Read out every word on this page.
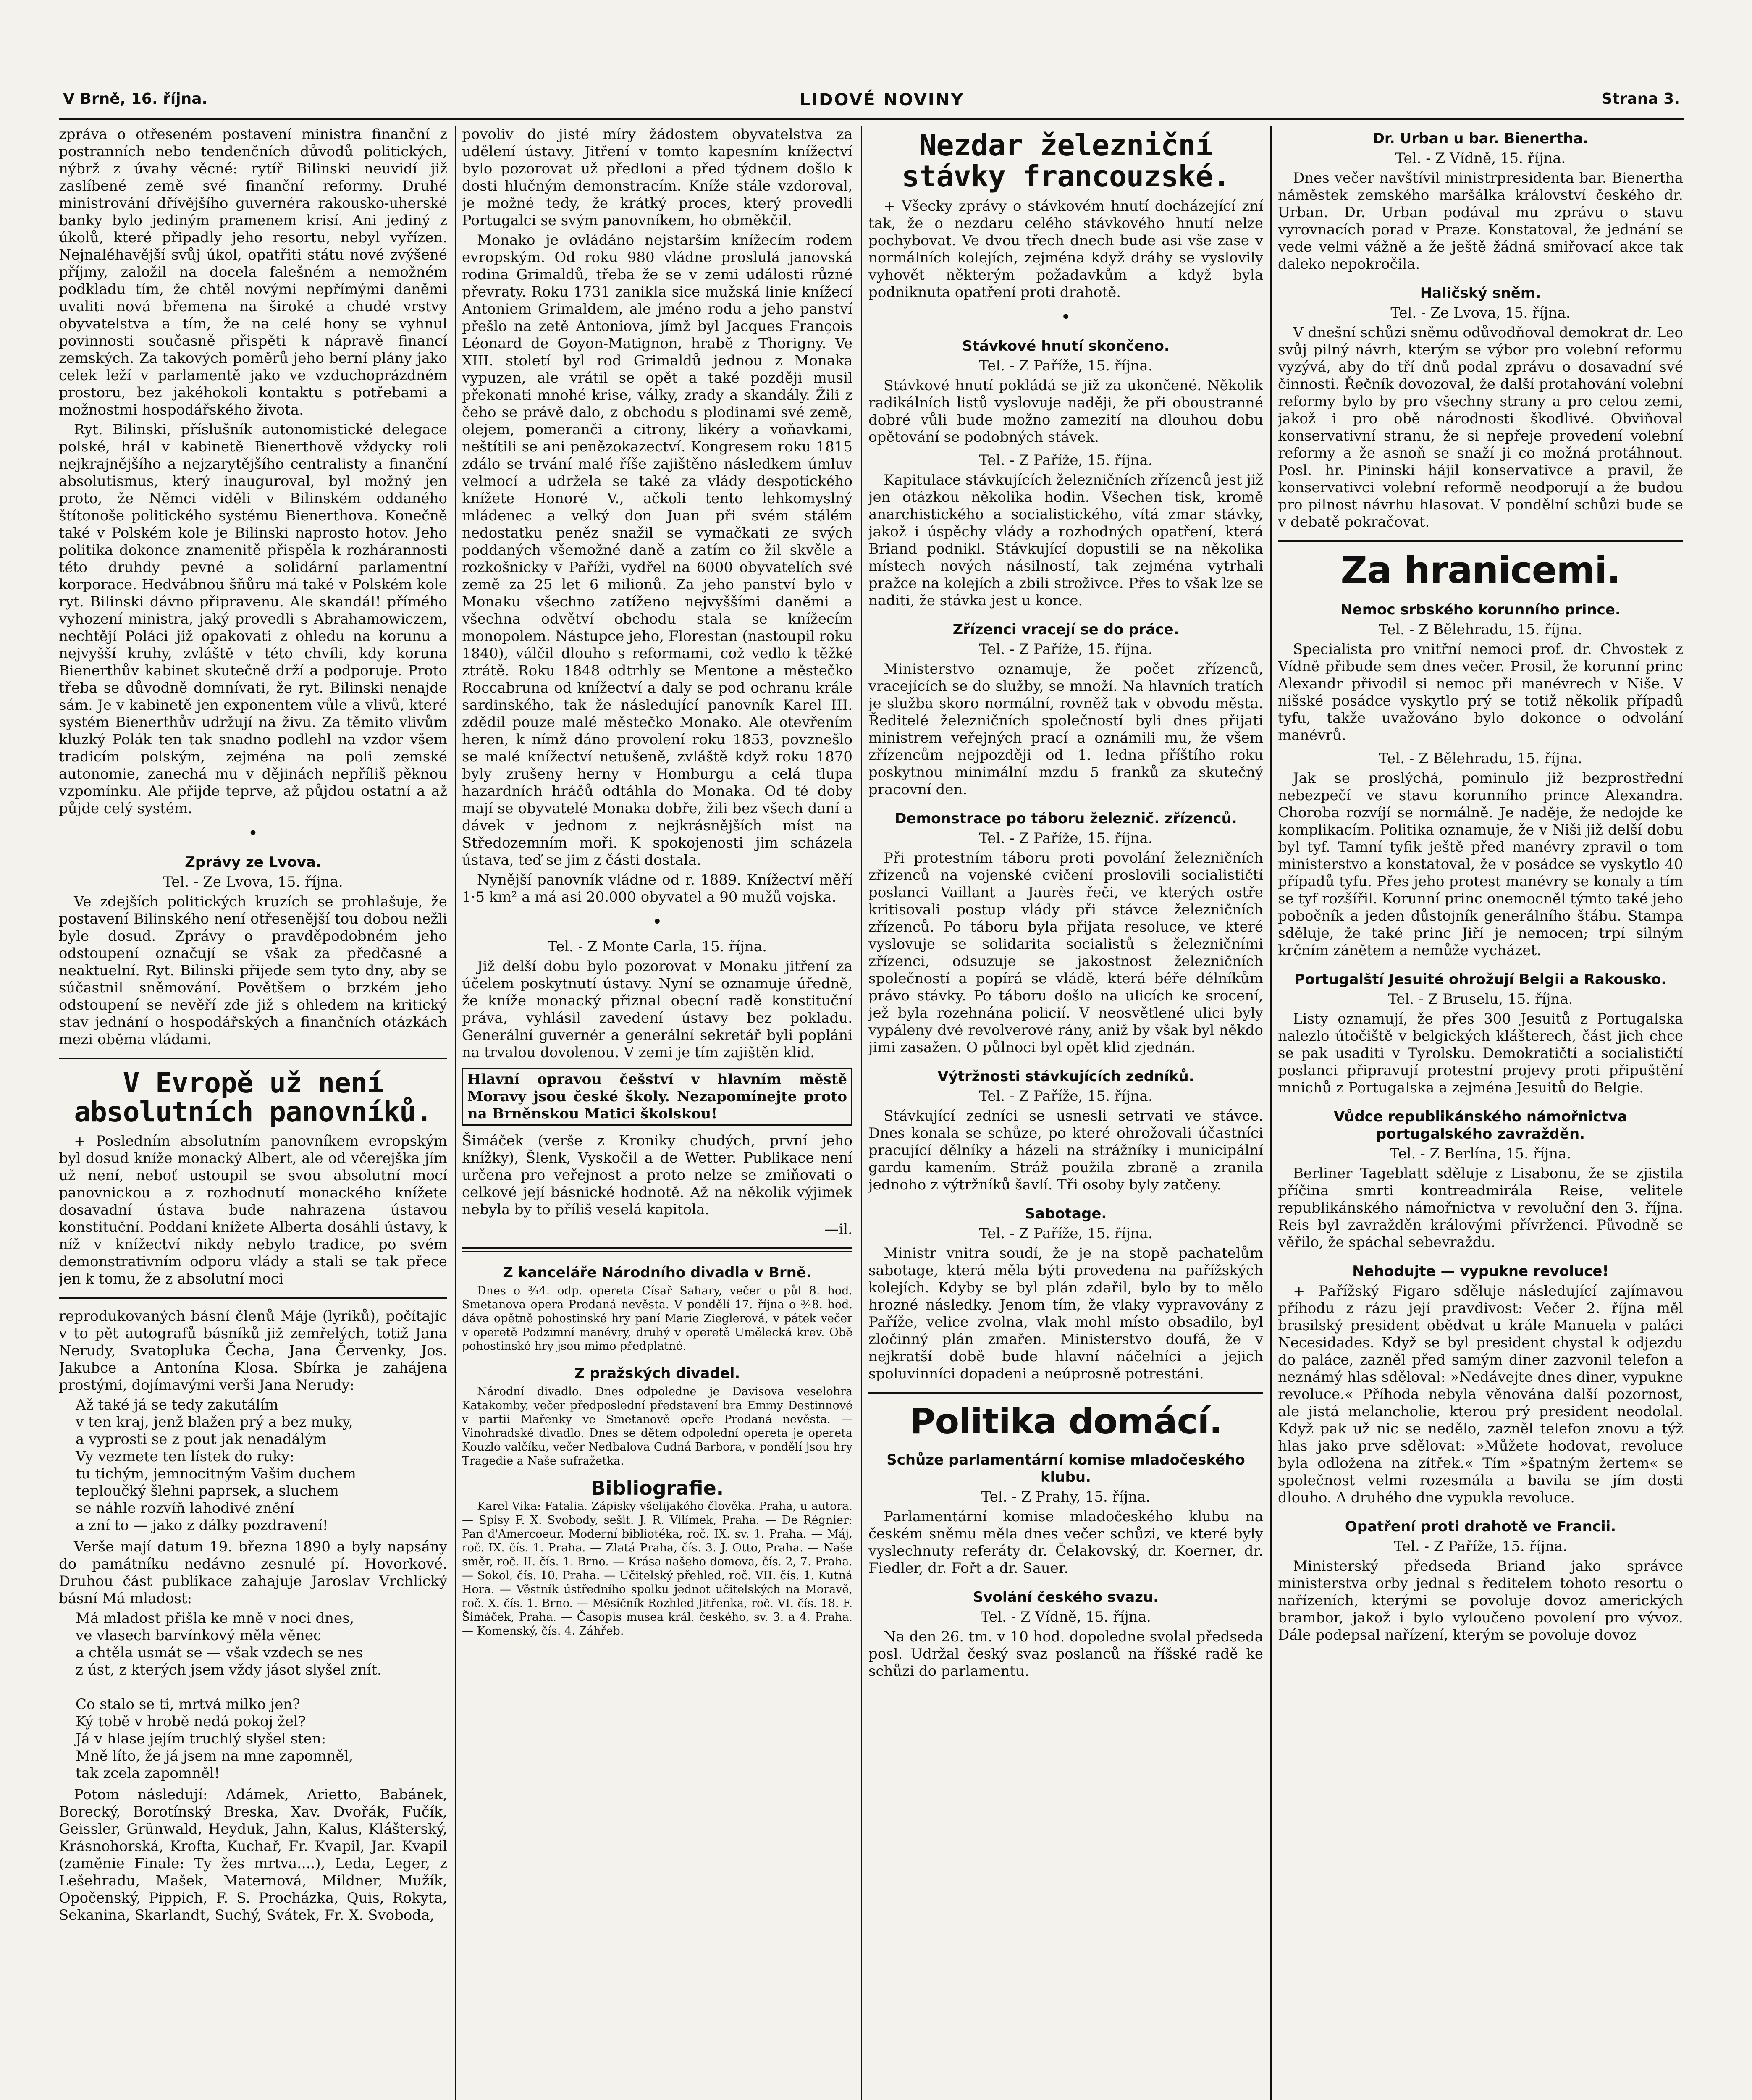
V Brně, 16. října.	LIDOVÉ NOVINY	Strana 3.

zpráva o otřeseném postavení ministra finanční z postranních nebo tendenčních důvodů politických, nýbrž z úvahy věcné: rytíř Bilinski neuvidí již zaslíbené země své finanční reformy. Druhé ministrování dřívějšího guvernéra rakousko-uherské banky bylo jediným pramenem krisí. Ani jediný z úkolů, které připadly jeho resortu, nebyl vyřízen. Nejnaléhavější svůj úkol, opatřiti státu nové zvýšené příjmy, založil na docela falešném a nemožném podkladu tím, že chtěl novými nepřímými daněmi uvaliti nová břemena na široké a chudé vrstvy obyvatelstva a tím, že na celé hony se vyhnul povinnosti současně přispěti k nápravě financí zemských. Za takových poměrů jeho berní plány jako celek leží v parlamentě jako ve vzduchoprázdném prostoru, bez jakéhokoli kontaktu s potřebami a možnostmi hospodářského života.

Ryt. Bilinski, příslušník autonomistické delegace polské, hrál v kabinetě Bienerthově vždycky roli nejkrajnějšího a nejzarytějšího centralisty a finanční absolutismus, který inauguroval, byl možný jen proto, že Němci viděli v Bilinském oddaného štítonoše politického systému Bienerthova. Konečně také v Polském kole je Bilinski naprosto hotov. Jeho politika dokonce znamenitě přispěla k rozhárannosti této druhdy pevné a solidární parlamentní korporace. Hedvábnou šňůru má také v Polském kole ryt. Bilinski dávno připravenu. Ale skandál! přímého vyhození ministra, jaký provedli s Abrahamowiczem, nechtějí Poláci již opakovati z ohledu na korunu a nejvyšší kruhy, zvláště v této chvíli, kdy koruna Bienerthův kabinet skutečně drží a podporuje. Proto třeba se důvodně domnívati, že ryt. Bilinski nenajde sám. Je v kabinetě jen exponentem vůle a vlivů, které systém Bienerthův udržují na živu. Za těmito vlivům kluzký Polák ten tak snadno podlehl na vzdor všem tradicím polským, zejména na poli zemské autonomie, zanechá mu v dějinách nepříliš pěknou vzpomínku. Ale přijde teprve, až půjdou ostatní a až půjde celý systém.

•
Zprávy ze Lvova.
Tel. - Ze Lvova, 15. října.

Ve zdejších politických kruzích se prohlašuje, že postavení Bilinského není otřesenější tou dobou nežli byle dosud. Zprávy o pravděpodobném jeho odstoupení označují se však za předčasné a neaktuelní. Ryt. Bilinski přijede sem tyto dny, aby se súčastnil sněmování. Povětšem o brzkém jeho odstoupení se nevěří zde již s ohledem na kritický stav jednání o hospodářských a finančních otázkách mezi oběma vládami.

V Evropě už není absolutních panovníků.

+ Posledním absolutním panovníkem evropským byl dosud kníže monacký Albert, ale od včerejška jím už není, neboť ustoupil se svou absolutní mocí panovnickou a z rozhodnutí monackého knížete dosavadní ústava bude nahrazena ústavou konstituční. Poddaní knížete Alberta dosáhli ústavy, k níž v knížectví nikdy nebylo tradice, po svém demonstrativním odporu vlády a stali se tak přece jen k tomu, že z absolutní moci

reprodukovaných básní členů Máje (lyriků), počítajíc v to pět autografů básníků již zemřelých, totiž Jana Nerudy, Svatopluka Čecha, Jana Červenky, Jos. Jakubce a Antonína Klosa. Sbírka je zahájena prostými, dojímavými verši Jana Nerudy:

Až také já se tedy zakutálím
v ten kraj, jenž blažen prý a bez muky,
a vyprosti se z pout jak nenadálým
Vy vezmete ten lístek do ruky:
tu tichým, jemnocitným Vašim duchem
teploučký šlehni paprsek, a sluchem
se náhle rozvíň lahodivé znění
a zní to — jako z dálky pozdravení!

Verše mají datum 19. března 1890 a byly napsány do památníku nedávno zesnulé pí. Hovorkové. Druhou část publikace zahajuje Jaroslav Vrchlický básní Má mladost:

Má mladost přišla ke mně v noci dnes,
ve vlasech barvínkový měla věnec
a chtěla usmát se — však vzdech se nes
z úst, z kterých jsem vždy jásot slyšel znít.

Co stalo se ti, mrtvá milko jen?
Ký tobě v hrobě nedá pokoj žel?
Já v hlase jejím truchlý slyšel sten:
Mně líto, že já jsem na mne zapomněl,
tak zcela zapomněl!

Potom následují: Adámek, Arietto, Babánek, Borecký, Borotínský Breska, Xav. Dvořák, Fučík, Geissler, Grünwald, Heyduk, Jahn, Kalus, Klášterský, Krásnohorská, Krofta, Kuchař, Fr. Kvapil, Jar. Kvapil (zaměnie Finale: Ty žes mrtva....), Leda, Leger, z Lešehradu, Mašek, Maternová, Mildner, Mužík, Opočenský, Pippich, F. S. Procházka, Quis, Rokyta, Sekanina, Skarlandt, Suchý, Svátek, Fr. X. Svoboda,

povoliv do jisté míry žádostem obyvatelstva za udělení ústavy. Jitření v tomto kapesním knížectví bylo pozorovat už předloni a před týdnem došlo k dosti hlučným demonstracím. Kníže stále vzdoroval, je možné tedy, že krátký proces, který provedli Portugalci se svým panovníkem, ho obměkčil.

Monako je ovládáno nejstarším knížecím rodem evropským. Od roku 980 vládne proslulá janovská rodina Grimaldů, třeba že se v zemi události různé převraty. Roku 1731 zanikla sice mužská linie knížecí Antoniem Grimaldem, ale jméno rodu a jeho panství přešlo na zetě Antoniova, jímž byl Jacques François Léonard de Goyon-Matignon, hrabě z Thorigny. Ve XIII. století byl rod Grimaldů jednou z Monaka vypuzen, ale vrátil se opět a také později musil překonati mnohé krise, války, zrady a skandály. Žili z čeho se právě dalo, z obchodu s plodinami své země, olejem, pomeranči a citrony, likéry a voňavkami, neštítili se ani penězokazectví. Kongresem roku 1815 zdálo se trvání malé říše zajištěno následkem úmluv velmocí a udržela se také za vlády despotického knížete Honoré V., ačkoli tento lehkomyslný mládenec a velký don Juan při svém stálém nedostatku peněz snažil se vymačkati ze svých poddaných všemožné daně a zatím co žil skvěle a rozkošnicky v Paříži, vydřel na 6000 obyvatelích své země za 25 let 6 milionů. Za jeho panství bylo v Monaku všechno zatíženo nejvyššími daněmi a všechna odvětví obchodu stala se knížecím monopolem. Nástupce jeho, Florestan (nastoupil roku 1840), válčil dlouho s reformami, což vedlo k těžké ztrátě. Roku 1848 odtrhly se Mentone a městečko Roccabruna od knížectví a daly se pod ochranu krále sardinského, tak že následující panovník Karel III. zdědil pouze malé městečko Monako. Ale otevřením heren, k nímž dáno provolení roku 1853, povznešlo se malé knížectví netušeně, zvláště když roku 1870 byly zrušeny herny v Homburgu a celá tlupa hazardních hráčů odtáhla do Monaka. Od té doby mají se obyvatelé Monaka dobře, žili bez všech daní a dávek v jednom z nejkrásnějších míst na Středozemním moři. K spokojenosti jim scházela ústava, teď se jim z části dostala.

Nynější panovník vládne od r. 1889. Knížectví měří 1·5 km² a má asi 20.000 obyvatel a 90 mužů vojska.

•
Tel. - Z Monte Carla, 15. října.

Již delší dobu bylo pozorovat v Monaku jitření za účelem poskytnutí ústavy. Nyní se oznamuje úředně, že kníže monacký přiznal obecní radě konstituční práva, vyhlásil zavedení ústavy bez pokladu. Generální guvernér a generální sekretář byli popláni na trvalou dovolenou. V zemi je tím zajištěn klid.

Hlavní opravou češství v hlavním městě Moravy jsou české školy. Nezapomínejte proto na Brněnskou Matici školskou!

Šimáček (verše z Kroniky chudých, první jeho knížky), Šlenk, Vyskočil a de Wetter. Publikace není určena pro veřejnost a proto nelze se zmiňovati o celkové její básnické hodnotě. Až na několik výjimek nebyla by to příliš veselá kapitola.

—il.
Z kanceláře Národního divadla v Brně.

Dnes o ¾4. odp. opereta Císař Sahary, večer o půl 8. hod. Smetanova opera Prodaná nevěsta. V pondělí 17. října o ¾8. hod. dáva opětně pohostinské hry paní Marie Zieglerová, v pátek večer v operetě Podzimní manévry, druhý v operetě Umělecká krev. Obě pohostinské hry jsou mimo předplatné.

Z pražských divadel.

Národní divadlo. Dnes odpoledne je Davisova veselohra Katakomby, večer předposlední představení bra Emmy Destinnové v partii Mařenky ve Smetanově opeře Prodaná nevěsta. — Vinohradské divadlo. Dnes se dětem odpolední opereta je opereta Kouzlo valčíku, večer Nedbalova Cudná Barbora, v pondělí jsou hry Tragedie a Naše sufražetka.

Bibliografie.

Karel Vika: Fatalia. Zápisky všelijakého člověka. Praha, u autora. — Spisy F. X. Svobody, sešit. J. R. Vilímek, Praha. — De Régnier: Pan d'Amercoeur. Moderní bibliotéka, roč. IX. sv. 1. Praha. — Máj, roč. IX. čís. 1. Praha. — Zlatá Praha, čís. 3. J. Otto, Praha. — Naše směr, roč. II. čís. 1. Brno. — Krása našeho domova, čís. 2, 7. Praha. — Sokol, čís. 10. Praha. — Učitelský přehled, roč. VII. čís. 1. Kutná Hora. — Věstník ústředního spolku jednot učitelských na Moravě, roč. X. čís. 1. Brno. — Měsíčník Rozhled Jitřenka, roč. VI. čís. 18. F. Šimáček, Praha. — Časopis musea král. českého, sv. 3. a 4. Praha. — Komenský, čís. 4. Záhřeb.

Nezdar železniční stávky francouzské.

+ Všecky zprávy o stávkovém hnutí docházející zní tak, že o nezdaru celého stávkového hnutí nelze pochybovat. Ve dvou třech dnech bude asi vše zase v normálních kolejích, zejména když dráhy se vyslovily vyhovět některým požadavkům a když byla podniknuta opatření proti drahotě.

•
Stávkové hnutí skončeno.
Tel. - Z Paříže, 15. října.

Stávkové hnutí pokládá se již za ukončené. Několik radikálních listů vyslovuje naději, že při oboustranné dobré vůli bude možno zamezití na dlouhou dobu opětování se podobných stávek.

Tel. - Z Paříže, 15. října.

Kapitulace stávkujících železničních zřízenců jest již jen otázkou několika hodin. Všechen tisk, kromě anarchistického a socialistického, vítá zmar stávky, jakož i úspěchy vlády a rozhodných opatření, která Briand podnikl. Stávkující dopustili se na několika místech nových násilností, tak zejména vytrhali pražce na kolejích a zbili stroživce. Přes to však lze se naditi, že stávka jest u konce.

Zřízenci vracejí se do práce.
Tel. - Z Paříže, 15. října.

Ministerstvo oznamuje, že počet zřízenců, vracejících se do služby, se množí. Na hlavních tratích je služba skoro normální, rovněž tak v obvodu města. Ředitelé železničních společností byli dnes přijati ministrem veřejných prací a oznámili mu, že všem zřízencům nejpozději od 1. ledna příštího roku poskytnou minimální mzdu 5 franků za skutečný pracovní den.

Demonstrace po táboru železnič. zřízenců.
Tel. - Z Paříže, 15. října.

Při protestním táboru proti povolání železničních zřízenců na vojenské cvičení proslovili socialističtí poslanci Vaillant a Jaurès řeči, ve kterých ostře kritisovali postup vlády při stávce železničních zřízenců. Po táboru byla přijata resoluce, ve které vyslovuje se solidarita socialistů s železničními zřízenci, odsuzuje se jakostnost železničních společností a popírá se vládě, která béře délníkům právo stávky. Po táboru došlo na ulicích ke srocení, jež byla rozehnána policií. V neosvětlené ulici byly vypáleny dvé revolverové rány, aniž by však byl někdo jimi zasažen. O půlnoci byl opět klid zjednán.

Výtržnosti stávkujících zedníků.
Tel. - Z Paříže, 15. října.

Stávkující zedníci se usnesli setrvati ve stávce. Dnes konala se schůze, po které ohrožovali účastníci pracující dělníky a házeli na strážníky i municipální gardu kamením. Stráž použila zbraně a zranila jednoho z výtržníků šavlí. Tři osoby byly zatčeny.

Sabotage.
Tel. - Z Paříže, 15. října.

Ministr vnitra soudí, že je na stopě pachatelům sabotage, která měla býti provedena na pařížských kolejích. Kdyby se byl plán zdařil, bylo by to mělo hrozné následky. Jenom tím, že vlaky vypravovány z Paříže, velice zvolna, vlak mohl místo obsadilo, byl zločinný plán zmařen. Ministerstvo doufá, že v nejkratší době bude hlavní náčelníci a jejich spoluvinníci dopadeni a neúprosně potrestáni.

Politika domácí.
Schůze parlamentární komise mladočeského klubu.
Tel. - Z Prahy, 15. října.

Parlamentární komise mladočeského klubu na českém sněmu měla dnes večer schůzi, ve které byly vyslechnuty referáty dr. Čelakovský, dr. Koerner, dr. Fiedler, dr. Fořt a dr. Sauer.

Svolání českého svazu.
Tel. - Z Vídně, 15. října.

Na den 26. tm. v 10 hod. dopoledne svolal předseda posl. Udržal český svaz poslanců na říšské radě ke schůzi do parlamentu.

Dr. Urban u bar. Bienertha.
Tel. - Z Vídně, 15. října.

Dnes večer navštívil ministrpresidenta bar. Bienertha náměstek zemského maršálka království českého dr. Urban. Dr. Urban podával mu zprávu o stavu vyrovnacích porad v Praze. Konstatoval, že jednání se vede velmi vážně a že ještě žádná smiřovací akce tak daleko nepokročila.

Haličský sněm.
Tel. - Ze Lvova, 15. října.

V dnešní schůzi sněmu odůvodňoval demokrat dr. Leo svůj pilný návrh, kterým se výbor pro volební reformu vyzývá, aby do tří dnů podal zprávu o dosavadní své činnosti. Řečník dovozoval, že další protahování volební reformy bylo by pro všechny strany a pro celou zemi, jakož i pro obě národnosti škodlivé. Obviňoval konservativní stranu, že si nepřeje provedení volební reformy a že asnoň se snaží ji co možná protáhnout. Posl. hr. Pininski hájil konservativce a pravil, že konservativci volební reformě neodporují a že budou pro pilnost návrhu hlasovat. V pondělní schůzi bude se v debatě pokračovat.

Za hranicemi.
Nemoc srbského korunního prince.
Tel. - Z Bělehradu, 15. října.

Specialista pro vnitřní nemoci prof. dr. Chvostek z Vídně přibude sem dnes večer. Prosil, že korunní princ Alexandr přivodil si nemoc při manévrech v Niše. V nišské posádce vyskytlo prý se totiž několik případů tyfu, takže uvažováno bylo dokonce o odvolání manévrů.

Tel. - Z Bělehradu, 15. října.

Jak se proslýchá, pominulo již bezprostřední nebezpečí ve stavu korunního prince Alexandra. Choroba rozvíjí se normálně. Je naděje, že nedojde ke komplikacím. Politika oznamuje, že v Niši již delší dobu byl tyf. Tamní tyfik ještě před manévry zpravil o tom ministerstvo a konstatoval, že v posádce se vyskytlo 40 případů tyfu. Přes jeho protest manévry se konaly a tím se tyf rozšířil. Korunní princ onemocněl týmto také jeho pobočník a jeden důstojník generálního štábu. Stampa sděluje, že také princ Jiří je nemocen; trpí silným krčním zánětem a nemůže vycházet.

Portugalští Jesuité ohrožují Belgii a Rakousko.
Tel. - Z Bruselu, 15. října.

Listy oznamují, že přes 300 Jesuitů z Portugalska nalezlo útočiště v belgických klášterech, část jich chce se pak usaditi v Tyrolsku. Demokratičtí a socialističtí poslanci připravují protestní projevy proti připuštění mnichů z Portugalska a zejména Jesuitů do Belgie.

Vůdce republikánského námořnictva portugalského zavražděn.
Tel. - Z Berlína, 15. října.

Berliner Tageblatt sděluje z Lisabonu, že se zjistila příčina smrti kontreadmirála Reise, velitele republikánského námořnictva v revoluční den 3. října. Reis byl zavražděn královými přívrženci. Původně se věřilo, že spáchal sebevraždu.

Nehodujte — vypukne revoluce!

+ Pařížský Figaro sděluje následující zajímavou příhodu z rázu její pravdivost: Večer 2. října měl brasilský president obědvat u krále Manuela v paláci Necesidades. Když se byl president chystal k odjezdu do paláce, zazněl před samým diner zazvonil telefon a neznámý hlas sděloval: »Nedávejte dnes diner, vypukne revoluce.« Příhoda nebyla věnována další pozornost, ale jistá melancholie, kterou prý president neodolal. Když pak už nic se nedělo, zazněl telefon znovu a týž hlas jako prve sdělovat: »Můžete hodovat, revoluce byla odložena na zítřek.« Tím »špatným žertem« se společnost velmi rozesmála a bavila se jím dosti dlouho. A druhého dne vypukla revoluce.

Opatření proti drahotě ve Francii.
Tel. - Z Paříže, 15. října.

Ministerský předseda Briand jako správce ministerstva orby jednal s ředitelem tohoto resortu o nařízeních, kterými se povoluje dovoz amerických brambor, jakož i bylo vyloučeno povolení pro vývoz. Dále podepsal nařízení, kterým se povoluje dovoz
